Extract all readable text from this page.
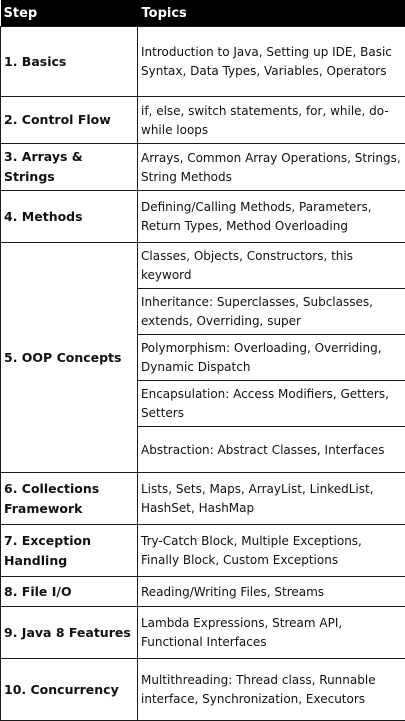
Step	Topics
1. Basics	Introduction to Java, Setting up IDE, Basic Syntax, Data Types, Variables, Operators
2. Control Flow	if, else, switch statements, for, while, do-while loops
3. Arrays & Strings	Arrays, Common Array Operations, Strings, String Methods
4. Methods	Defining/Calling Methods, Parameters, Return Types, Method Overloading
5. OOP Concepts	Classes, Objects, Constructors, this keyword
	Inheritance: Superclasses, Subclasses, extends, Overriding, super
	Polymorphism: Overloading, Overriding, Dynamic Dispatch
	Encapsulation: Access Modifiers, Getters, Setters
	Abstraction: Abstract Classes, Interfaces
6. Collections Framework	Lists, Sets, Maps, ArrayList, LinkedList, HashSet, HashMap
7. Exception Handling	Try-Catch Block, Multiple Exceptions, Finally Block, Custom Exceptions
8. File I/O	Reading/Writing Files, Streams
9. Java 8 Features	Lambda Expressions, Stream API, Functional Interfaces
10. Concurrency	Multithreading: Thread class, Runnable interface, Synchronization, Executors
